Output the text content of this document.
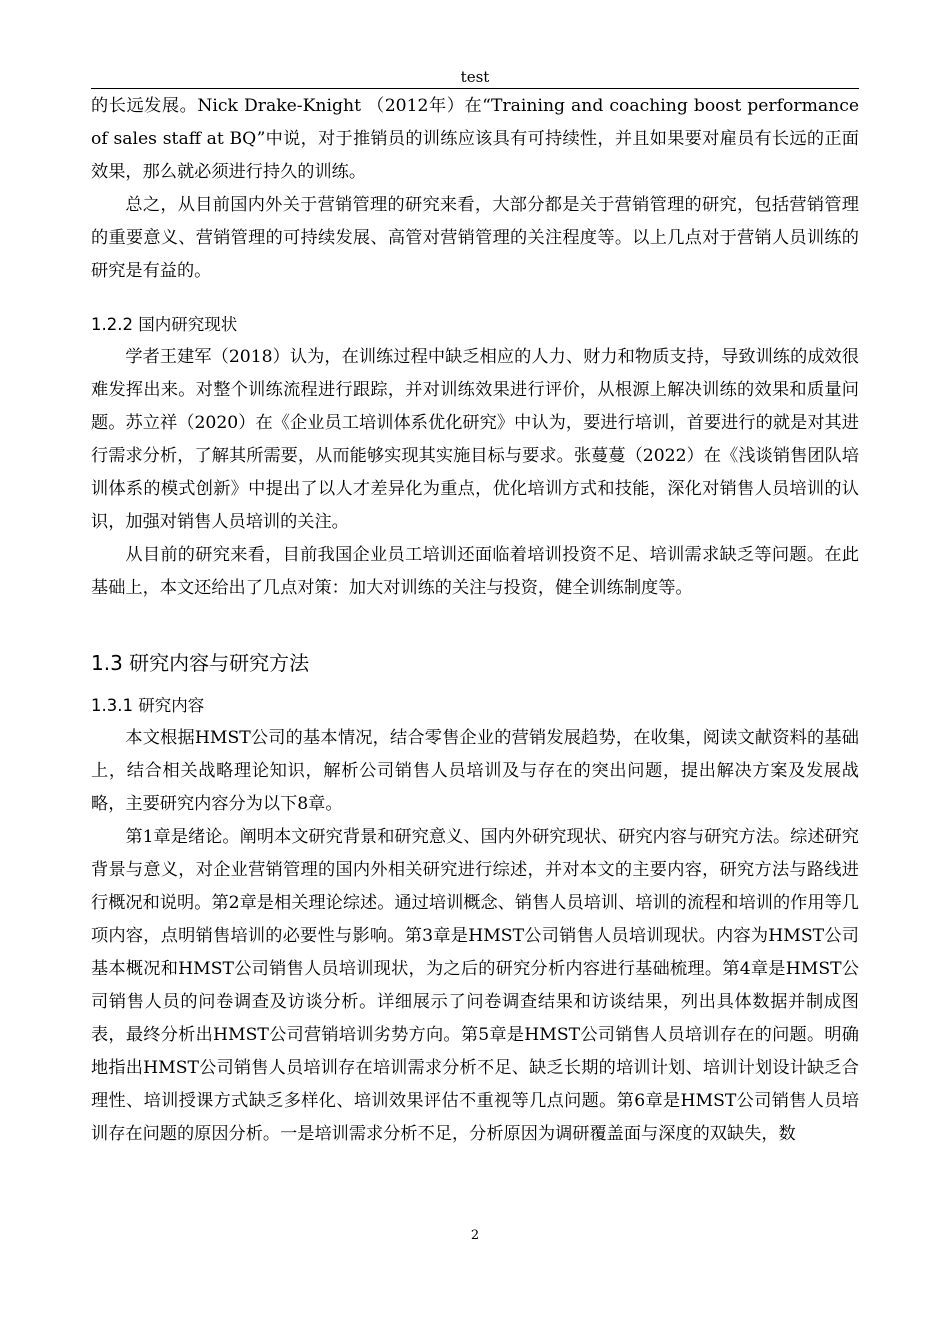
test

的长远发展。Nick Drake-Knight （2012年）在“Training and coaching boost performance of sales staff at BQ”中说，对于推销员的训练应该具有可持续性，并且如果要对雇员有长远的正面效果，那么就必须进行持久的训练。

总之，从目前国内外关于营销管理的研究来看，大部分都是关于营销管理的研究，包括营销管理的重要意义、营销管理的可持续发展、高管对营销管理的关注程度等。以上几点对于营销人员训练的研究是有益的。

1.2.2 国内研究现状

学者王建军（2018）认为，在训练过程中缺乏相应的人力、财力和物质支持，导致训练的成效很难发挥出来。对整个训练流程进行跟踪，并对训练效果进行评价，从根源上解决训练的效果和质量问题。苏立祥（2020）在《企业员工培训体系优化研究》中认为，要进行培训，首要进行的就是对其进行需求分析，了解其所需要，从而能够实现其实施目标与要求。张蔓蔓（2022）在《浅谈销售团队培训体系的模式创新》中提出了以人才差异化为重点，优化培训方式和技能，深化对销售人员培训的认识，加强对销售人员培训的关注。

从目前的研究来看，目前我国企业员工培训还面临着培训投资不足、培训需求缺乏等问题。在此基础上，本文还给出了几点对策：加大对训练的关注与投资，健全训练制度等。

1.3 研究内容与研究方法
1.3.1 研究内容

本文根据HMST公司的基本情况，结合零售企业的营销发展趋势，在收集，阅读文献资料的基础上，结合相关战略理论知识，解析公司销售人员培训及与存在的突出问题，提出解决方案及发展战略，主要研究内容分为以下8章。

第1章是绪论。阐明本文研究背景和研究意义、国内外研究现状、研究内容与研究方法。综述研究背景与意义，对企业营销管理的国内外相关研究进行综述，并对本文的主要内容，研究方法与路线进行概况和说明。第2章是相关理论综述。通过培训概念、销售人员培训、培训的流程和培训的作用等几项内容，点明销售培训的必要性与影响。第3章是HMST公司销售人员培训现状。内容为HMST公司基本概况和HMST公司销售人员培训现状，为之后的研究分析内容进行基础梳理。第4章是HMST公司销售人员的问卷调查及访谈分析。详细展示了问卷调查结果和访谈结果，列出具体数据并制成图表，最终分析出HMST公司营销培训劣势方向。第5章是HMST公司销售人员培训存在的问题。明确地指出HMST公司销售人员培训存在培训需求分析不足、缺乏长期的培训计划、培训计划设计缺乏合理性、培训授课方式缺乏多样化、培训效果评估不重视等几点问题。第6章是HMST公司销售人员培训存在问题的原因分析。一是培训需求分析不足，分析原因为调研覆盖面与深度的双缺失，数

2
